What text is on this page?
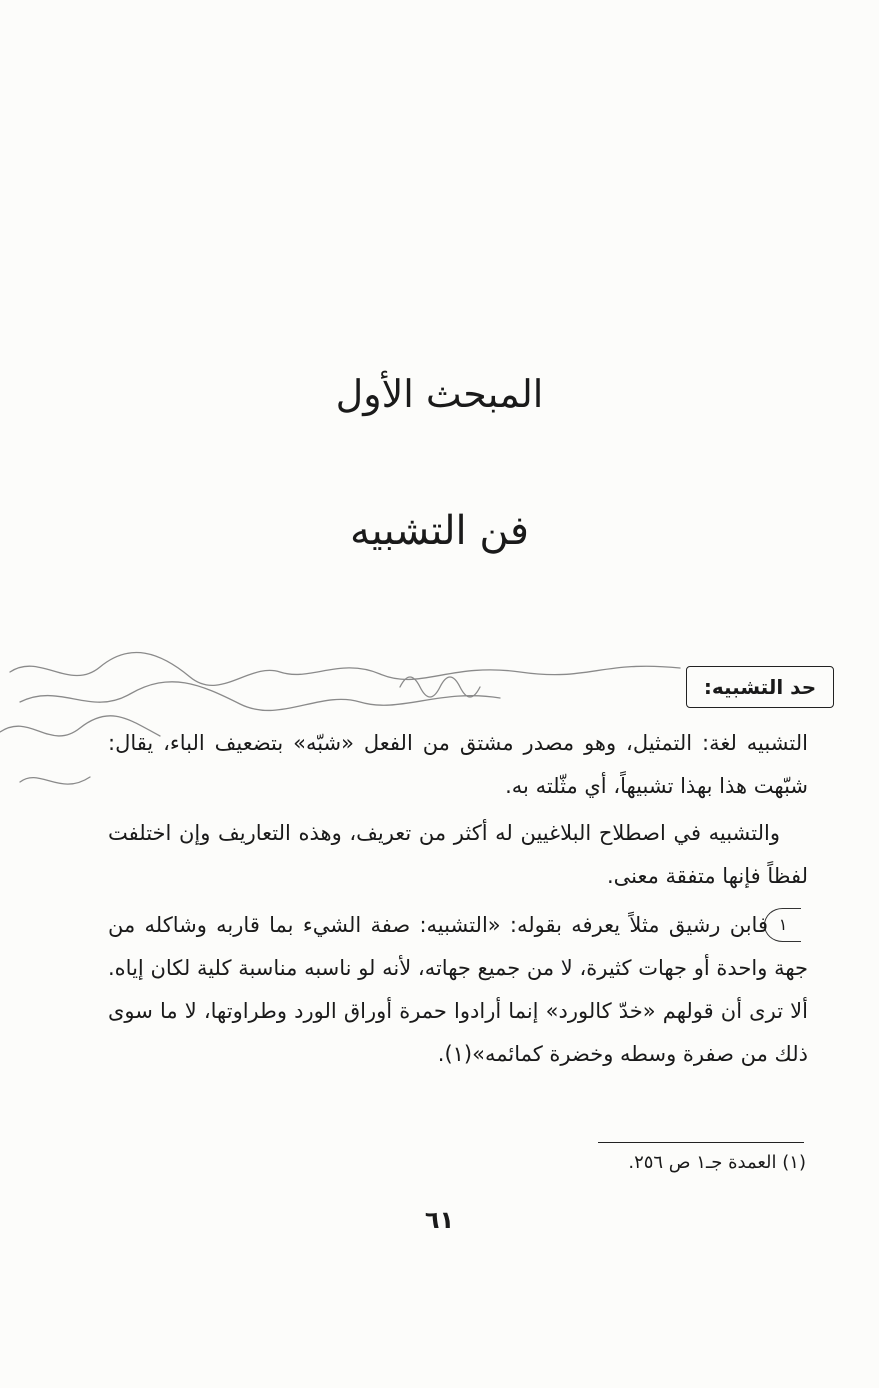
المبحث الأول
فن التشبيه
حد التشبيه:
التشبيه لغة: التمثيل، وهو مصدر مشتق من الفعل «شبّه» بتضعيف الباء، يقال: شبّهت هذا بهذا تشبيهاً، أي مثّلته به.
والتشبيه في اصطلاح البلاغيين له أكثر من تعريف، وهذه التعاريف وإن اختلفت لفظاً فإنها متفقة معنى.
١
فابن رشيق مثلاً يعرفه بقوله: «التشبيه: صفة الشيء بما قاربه وشاكله من جهة واحدة أو جهات كثيرة، لا من جميع جهاته، لأنه لو ناسبه مناسبة كلية لكان إياه. ألا ترى أن قولهم «خدّ كالورد» إنما أرادوا حمرة أوراق الورد وطراوتها، لا ما سوى ذلك من صفرة وسطه وخضرة كمائمه»(١).
(١) العمدة جـ١ ص ٢٥٦.
٦١
